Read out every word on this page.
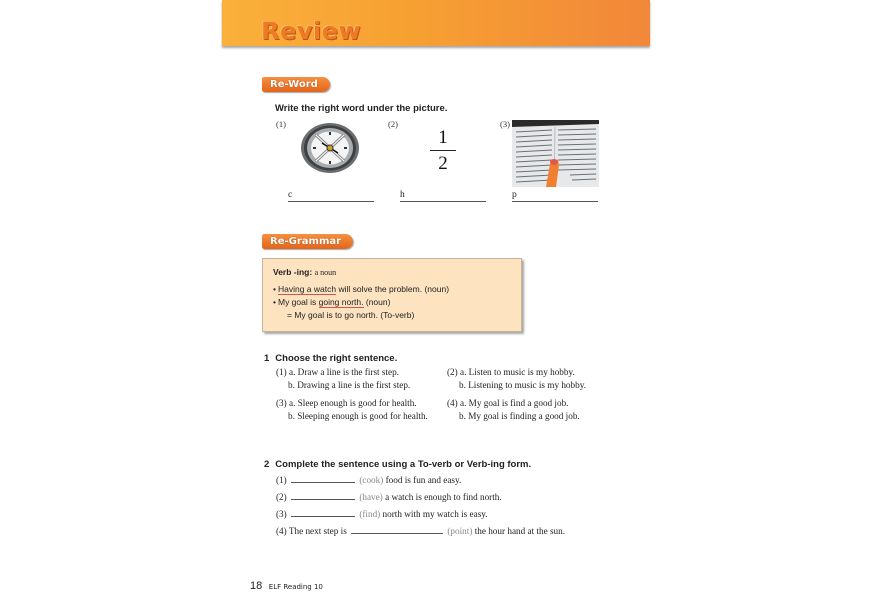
Review
Re-Word
Write the right word under the picture.
(1)	(2)	(3)
1
2
c	h	p
Re-Grammar
Verb -ing: a noun
• Having a watch will solve the problem. (noun)
• My goal is going north. (noun)
= My goal is to go north. (To-verb)
1 Choose the right sentence.
(1) a. Draw a line is the first step.
b. Drawing a line is the first step.
(2) a. Listen to music is my hobby.
b. Listening to music is my hobby.
(3) a. Sleep enough is good for health.
b. Sleeping enough is good for health.
(4) a. My goal is find a good job.
b. My goal is finding a good job.
2 Complete the sentence using a To-verb or Verb-ing form.
(1)	(cook) food is fun and easy.
(2)	(have) a watch is enough to find north.
(3)	(find) north with my watch is easy.
(4) The next step is	(point) the hour hand at the sun.
18 ELF Reading 10
